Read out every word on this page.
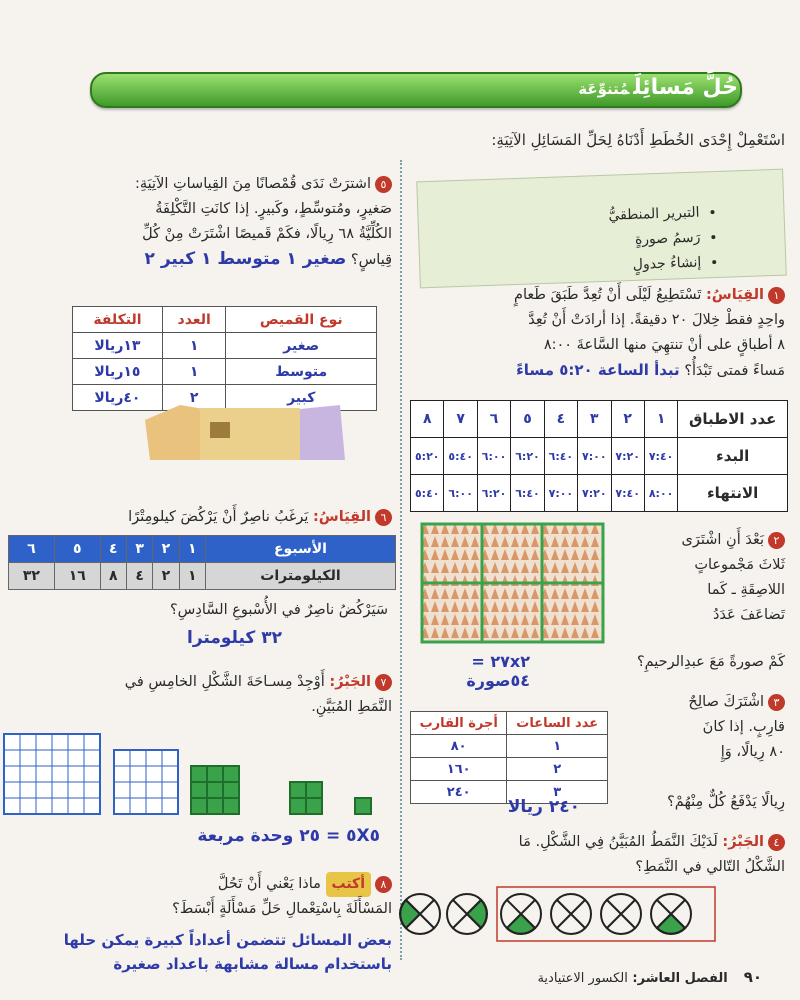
حُلَّ مَسائِلَمُتنوِّعَة
اسْتَعْمِلْ إِحْدَى الخُطَطِ أَدْنَاهُ لِحَلِّ المَسَائِلِ الآتِيَةِ:
• التبرير المنطقيُّ
• رَسمُ صورةٍ
• إنشاءُ جدولٍ
٥اشترَتْ نَدَى قُمْصانًا مِنَ القِياساتِ الآتِيَةِ:
صَغيرٍ، ومُتوسِّطٍ، وكَبيرٍ. إذا كانَتِ التَّكْلِفَةُ
الكُلِّيَّةُ ٦٨ رِيالًا، فكَمْ قَميصًا اشْتَرَتْ مِنْ كُلِّ
قِياسٍ؟ صغير ١ متوسط ١ كبير ٢
نوع القميص	العدد	التكلفة
صغير	١	١٣ريالا
متوسط	١	١٥ريالا
كبير	٢	٤٠ريالا
١القِيَاسُ: تَسْتَطِيعُ لَيْلَى أَنْ تُعِدَّ طَبَقَ طَعامٍ
واحِدٍ فقطْ خِلالَ ٢٠ دقيقةً. إذا أرادَتْ أَنْ تُعِدَّ
٨ أطباقٍ على أنْ تنتهِيَ منها السَّاعةَ ٨:٠٠
مَساءً فمتى تَبْدَأُ؟ تبدأ الساعة ٥:٢٠ مساءً
عدد الاطباق	١	٢	٣	٤	٥	٦	٧	٨
البدء	٧:٤٠	٧:٢٠	٧:٠٠	٦:٤٠	٦:٢٠	٦:٠٠	٥:٤٠	٥:٢٠
الانتهاء	٨:٠٠	٧:٤٠	٧:٢٠	٧:٠٠	٦:٤٠	٦:٢٠	٦:٠٠	٥:٤٠
٦القِيَاسُ: يَرغَبُ ناصِرٌ أَنْ يَرْكُضَ كيلومِتْرًا
الأسبوع	١	٢	٣	٤	٥	٦
الكيلومترات	١	٢	٤	٨	١٦	٣٢
سَيَرْكُضُ ناصِرٌ في الأُسْبوعِ السَّادِسِ؟
٣٢ كيلومترا
٢بَعْدَ أَنِ اشْتَرَى
ثَلاثَ مَجْموعاتٍ
اللاصِقَةِ ـ كَما
تَضاعَفَ عَدَدُ
كَمْ صورةً مَعَ عبدِالرحيمِ؟
٢٧x٢ = ٥٤صورة
٧الجَبْرُ: أَوْجِدْ مِسـاحَةَ الشَّكْلِ الخامِسِ في
النَّمَطِ المُبَيَّنِ.
٥X٥ = ٢٥ وحدة مربعة
٣اشْتَرَكَ صالِحٌ
قارِبٍ. إذا كانَ
٨٠ رِيالًا، وَإِ
عدد الساعات	أجرة القارب
١	٨٠
٢	١٦٠
٣	٢٤٠
رِيالًا يَدْفَعُ كُلٌّ مِنْهُمْ؟
٢٤٠ ريالا
٤الجَبْرُ: لَدَيْكَ النَّمَطُ المُبَيَّنُ فِي الشَّكْلِ. مَا
الشَّكْلُ التّالي في النَّمَطِ؟
٨أكتب ماذا يَعْني أَنْ تَحُلَّ
المَسْأَلَةَ بِاسْتِعْمالِ حَلِّ مَسْأَلَةٍ أَبْسَطَ؟
بعض المسائل تتضمن أعداداً كبيرة يمكن حلها
باستخدام مسالة مشابهة باعداد صغيرة
٩٠الفصل العاشر: الكسور الاعتيادية
